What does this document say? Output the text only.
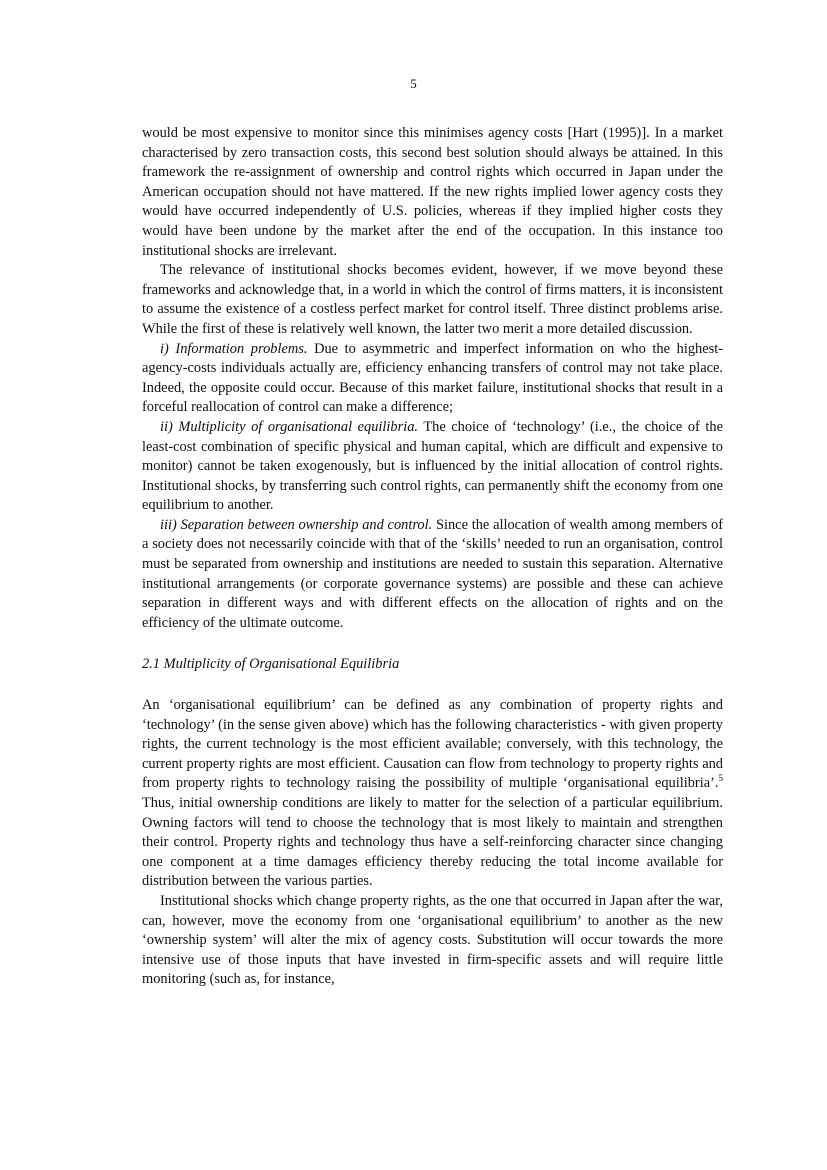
5

would be most expensive to monitor since this minimises agency costs [Hart (1995)]. In a market characterised by zero transaction costs, this second best solution should always be attained. In this framework the re-assignment of ownership and control rights which occurred in Japan under the American occupation should not have mattered. If the new rights implied lower agency costs they would have occurred independently of U.S. policies, whereas if they implied higher costs they would have been undone by the market after the end of the occupation. In this instance too institutional shocks are irrelevant.

The relevance of institutional shocks becomes evident, however, if we move beyond these frameworks and acknowledge that, in a world in which the control of firms matters, it is inconsistent to assume the existence of a costless perfect market for control itself. Three distinct problems arise. While the first of these is relatively well known, the latter two merit a more detailed discussion.

i) Information problems. Due to asymmetric and imperfect information on who the highest-agency-costs individuals actually are, efficiency enhancing transfers of control may not take place. Indeed, the opposite could occur. Because of this market failure, institutional shocks that result in a forceful reallocation of control can make a difference;

ii) Multiplicity of organisational equilibria. The choice of ‘technology’ (i.e., the choice of the least-cost combination of specific physical and human capital, which are difficult and expensive to monitor) cannot be taken exogenously, but is influenced by the initial allocation of control rights. Institutional shocks, by transferring such control rights, can permanently shift the economy from one equilibrium to another.

iii) Separation between ownership and control. Since the allocation of wealth among members of a society does not necessarily coincide with that of the ‘skills’ needed to run an organisation, control must be separated from ownership and institutions are needed to sustain this separation. Alternative institutional arrangements (or corporate governance systems) are possible and these can achieve separation in different ways and with different effects on the allocation of rights and on the efficiency of the ultimate outcome.

2.1 Multiplicity of Organisational Equilibria

An ‘organisational equilibrium’ can be defined as any combination of property rights and ‘technology’ (in the sense given above) which has the following characteristics - with given property rights, the current technology is the most efficient available; conversely, with this technology, the current property rights are most efficient. Causation can flow from technology to property rights and from property rights to technology raising the possibility of multiple ‘organisational equilibria’.$^5$ Thus, initial ownership conditions are likely to matter for the selection of a particular equilibrium. Owning factors will tend to choose the technology that is most likely to maintain and strengthen their control. Property rights and technology thus have a self-reinforcing character since changing one component at a time damages efficiency thereby reducing the total income available for distribution between the various parties.

Institutional shocks which change property rights, as the one that occurred in Japan after the war, can, however, move the economy from one ‘organisational equilibrium’ to another as the new ‘ownership system’ will alter the mix of agency costs. Substitution will occur towards the more intensive use of those inputs that have invested in firm-specific assets and will require little monitoring (such as, for instance,
